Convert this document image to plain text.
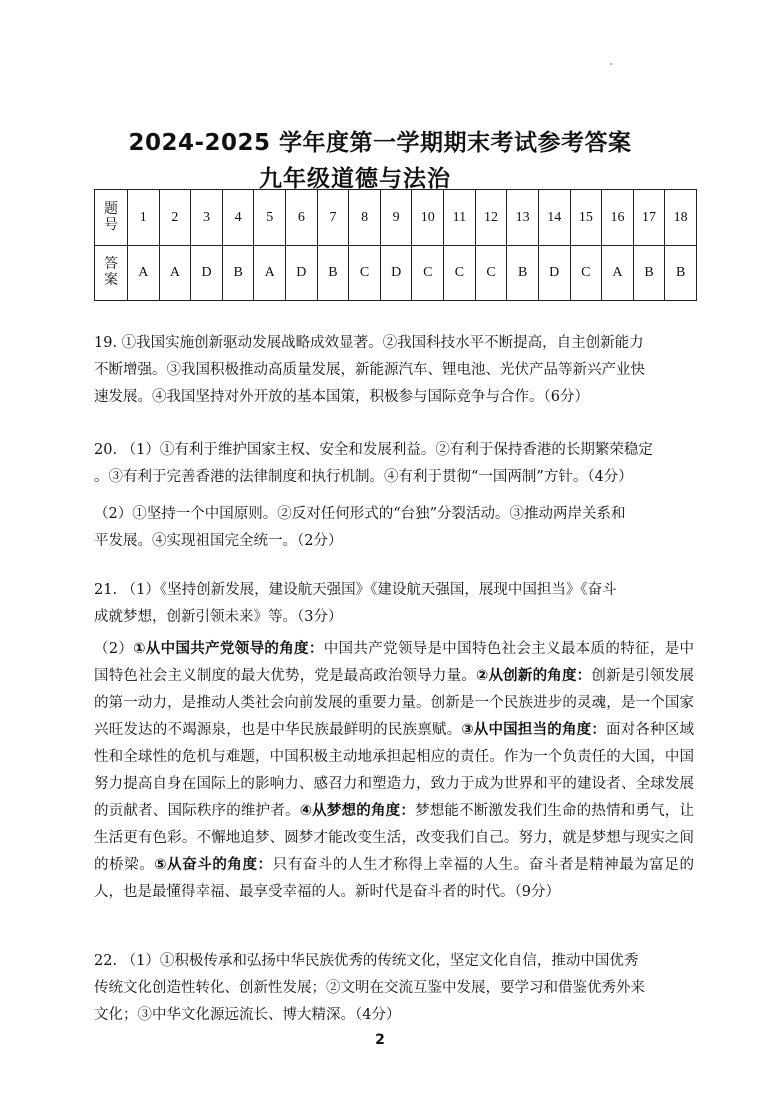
2024-2025 学年度第一学期期末考试参考答案
九年级道德与法治
题
号	1	2	3	4	5	6	7	8	9	10	11	12	13	14	15	16	17	18

答
案	A	A	D	B	A	D	B	C	D	C	C	C	B	D	C	A	B	B
19. ①我国实施创新驱动发展战略成效显著。②我国科技水平不断提高，自主创新能力
不断增强。③我国积极推动高质量发展，新能源汽车、锂电池、光伏产品等新兴产业快
速发展。④我国坚持对外开放的基本国策，积极参与国际竞争与合作。（6分）
20. （1）①有利于维护国家主权、安全和发展利益。②有利于保持香港的长期繁荣稳定
。③有利于完善香港的法律制度和执行机制。④有利于贯彻“一国两制”方针。（4分）
（2）①坚持一个中国原则。②反对任何形式的“台独”分裂活动。③推动两岸关系和
平发展。④实现祖国完全统一。（2分）
21. （1）《坚持创新发展，建设航天强国》《建设航天强国，展现中国担当》《奋斗
成就梦想，创新引领未来》等。（3分）

（2）①从中国共产党领导的角度：中国共产党领导是中国特色社会主义最本质的特征，是中国特色社会主义制度的最大优势，党是最高政治领导力量。②从创新的角度：创新是引领发展的第一动力，是推动人类社会向前发展的重要力量。创新是一个民族进步的灵魂，是一个国家兴旺发达的不竭源泉，也是中华民族最鲜明的民族禀赋。③从中国担当的角度：面对各种区域性和全球性的危机与难题，中国积极主动地承担起相应的责任。作为一个负责任的大国，中国努力提高自身在国际上的影响力、感召力和塑造力，致力于成为世界和平的建设者、全球发展的贡献者、国际秩序的维护者。④从梦想的角度：梦想能不断激发我们生命的热情和勇气，让生活更有色彩。不懈地追梦、圆梦才能改变生活，改变我们自己。努力，就是梦想与现实之间的桥梁。⑤从奋斗的角度：只有奋斗的人生才称得上幸福的人生。奋斗者是精神最为富足的人，也是最懂得幸福、最享受幸福的人。新时代是奋斗者的时代。（9分）

22. （1）①积极传承和弘扬中华民族优秀的传统文化，坚定文化自信，推动中国优秀
传统文化创造性转化、创新性发展；②文明在交流互鉴中发展，要学习和借鉴优秀外来
文化；③中华文化源远流长、博大精深。（4分）
2
